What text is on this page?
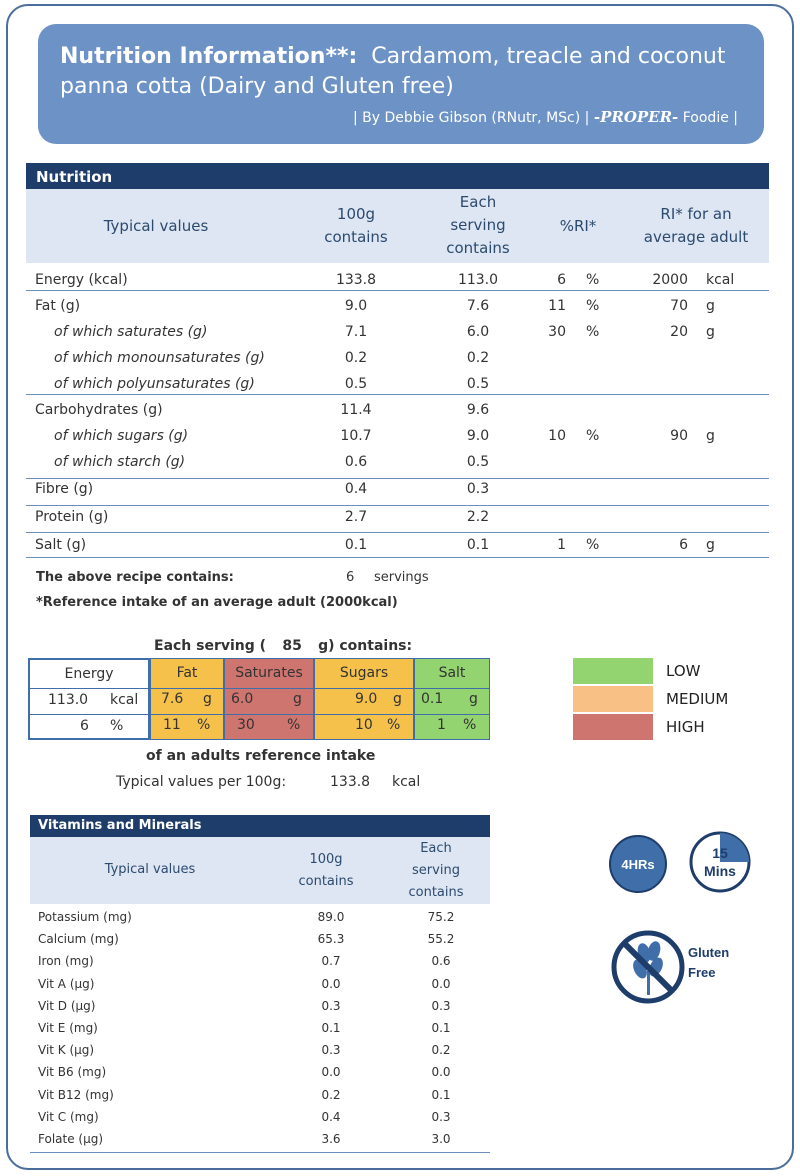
Nutrition Information**: Cardamom, treacle and coconut
panna cotta (Dairy and Gluten free)
| By Debbie Gibson (RNutr, MSc) | -PROPER- Foodie |
Nutrition
Typical values
100g
contains
Each
serving
contains
%RI*
RI* for an
average adult
Energy (kcal)	133.8	113.0	6 %	2000 kcal
Fat (g)	9.0	7.6	11 %	70 g
of which saturates (g)	7.1	6.0	30 %	20 g
of which monounsaturates (g)	0.2	0.2
of which polyunsaturates (g)	0.5	0.5
Carbohydrates (g)	11.4	9.6
of which sugars (g)	10.7	9.0	10 %	90 g
of which starch (g)	0.6	0.5
Fibre (g)	0.4	0.3
Protein (g)	2.7	2.2
Salt (g)	0.1	0.1	1 %	6 g
The above recipe contains:	6 servings
*Reference intake of an average adult (2000kcal)
Each serving ( 85 g) contains:
Energy
113.0 kcal
6 %
Fat
7.6 g
11 %
Saturates
6.0	g
30 %
Sugars
9.0 g
10 %
Salt
0.1 g
1 %
of an adults reference intake
Typical values per 100g:	133.8 kcal
LOW
MEDIUM
HIGH
Vitamins and Minerals
Typical values
100g
contains
Each
serving
contains
Potassium (mg)	89.0	75.2
Calcium (mg)	65.3	55.2
Iron (mg)	0.7	0.6
Vit A (µg)	0.0	0.0
Vit D (µg)	0.3	0.3
Vit E (mg)	0.1	0.1
Vit K (µg)	0.3	0.2
Vit B6 (mg)	0.0	0.0
Vit B12 (mg)	0.2	0.1
Vit C (mg)	0.4	0.3
Folate (µg)	3.6	3.0
4HRs
15
Mins
Gluten
Free
